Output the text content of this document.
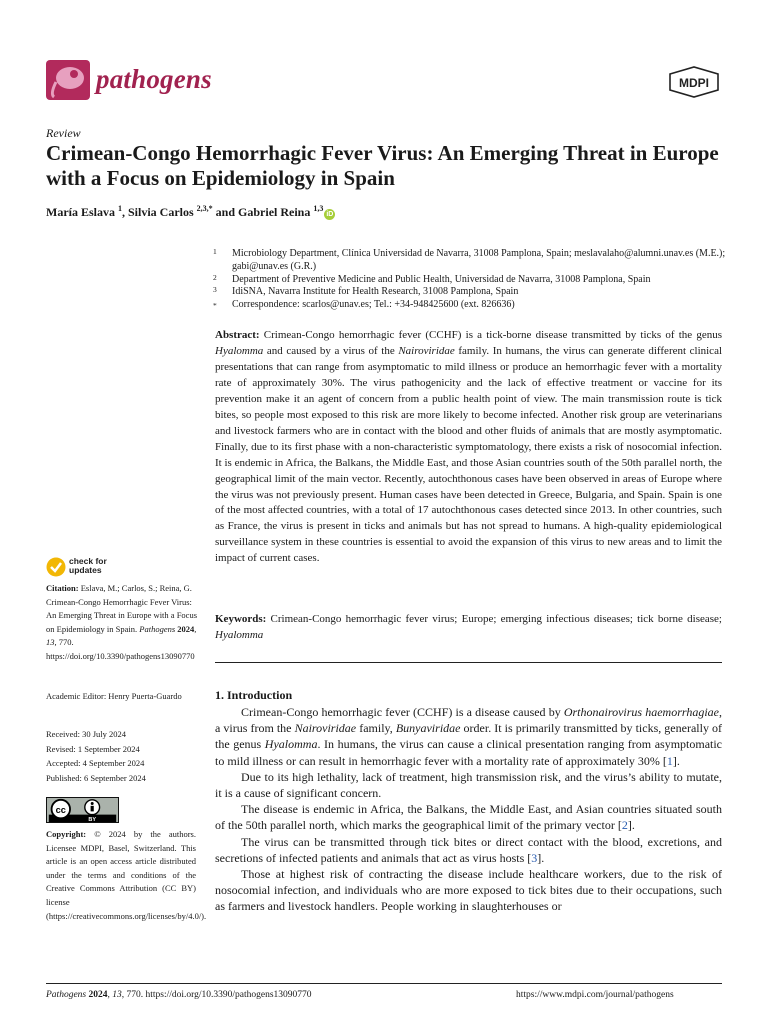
pathogens	MDPI
Review
Crimean-Congo Hemorrhagic Fever Virus: An Emerging Threat in Europe with a Focus on Epidemiology in Spain
María Eslava $^1$, Silvia Carlos $^{2,3,*}$ and Gabriel Reina $^{1,3}$iD
1 Microbiology Department, Clínica Universidad de Navarra, 31008 Pamplona, Spain; meslavalaho@alumni.unav.es (M.E.); gabi@unav.es (G.R.)
2 Department of Preventive Medicine and Public Health, Universidad de Navarra, 31008 Pamplona, Spain
3 IdiSNA, Navarra Institute for Health Research, 31008 Pamplona, Spain
* Correspondence: scarlos@unav.es; Tel.: +34-948425600 (ext. 826636)
Abstract: Crimean-Congo hemorrhagic fever (CCHF) is a tick-borne disease transmitted by ticks of the genus Hyalomma and caused by a virus of the Nairoviridae family. In humans, the virus can generate different clinical presentations that can range from asymptomatic to mild illness or produce an hemorrhagic fever with a mortality rate of approximately 30%. The virus pathogenicity and the lack of effective treatment or vaccine for its prevention make it an agent of concern from a public health point of view. The main transmission route is tick bites, so people most exposed to this risk are more likely to become infected. Another risk group are veterinarians and livestock farmers who are in contact with the blood and other fluids of animals that are mostly asymptomatic. Finally, due to its first phase with a non-characteristic symptomatology, there exists a risk of nosocomial infection. It is endemic in Africa, the Balkans, the Middle East, and those Asian countries south of the 50th parallel north, the geographical limit of the main vector. Recently, autochthonous cases have been observed in areas of Europe where the virus was not previously present. Human cases have been detected in Greece, Bulgaria, and Spain. Spain is one of the most affected countries, with a total of 17 autochthonous cases detected since 2013. In other countries, such as France, the virus is present in ticks and animals but has not spread to humans. A high-quality epidemiological surveillance system in these countries is essential to avoid the expansion of this virus to new areas and to limit the impact of current cases.
Keywords: Crimean-Congo hemorrhagic fever virus; Europe; emerging infectious diseases; tick borne disease; Hyalomma
1. Introduction

Crimean-Congo hemorrhagic fever (CCHF) is a disease caused by Orthonairovirus haemorrhagiae, a virus from the Nairoviridae family, Bunyaviridae order. It is primarily transmitted by ticks, generally of the genus Hyalomma. In humans, the virus can cause a clinical presentation ranging from asymptomatic to mild illness or can result in hemorrhagic fever with a mortality rate of approximately 30% [1].

Due to its high lethality, lack of treatment, high transmission risk, and the virus’s ability to mutate, it is a cause of significant concern.

The disease is endemic in Africa, the Balkans, the Middle East, and Asian countries situated south of the 50th parallel north, which marks the geographical limit of the primary vector [2].

The virus can be transmitted through tick bites or direct contact with the blood, excretions, and secretions of infected patients and animals that act as virus hosts [3].

Those at highest risk of contracting the disease include healthcare workers, due to the risk of nosocomial infection, and individuals who are more exposed to tick bites due to their occupations, such as farmers and livestock handlers. People working in slaughterhouses or

check for
updates
Citation: Eslava, M.; Carlos, S.; Reina, G. Crimean-Congo Hemorrhagic Fever Virus: An Emerging Threat in Europe with a Focus on Epidemiology in Spain. Pathogens 2024, 13, 770. https://doi.org/10.3390/pathogens13090770
Academic Editor: Henry Puerta-Guardo
Received: 30 July 2024
Revised: 1 September 2024
Accepted: 4 September 2024
Published: 6 September 2024
cc
BY
Copyright: © 2024 by the authors. Licensee MDPI, Basel, Switzerland. This article is an open access article distributed under the terms and conditions of the Creative Commons Attribution (CC BY) license (https://creativecommons.org/licenses/by/4.0/).
Pathogens 2024, 13, 770. https://doi.org/10.3390/pathogens13090770	https://www.mdpi.com/journal/pathogens
